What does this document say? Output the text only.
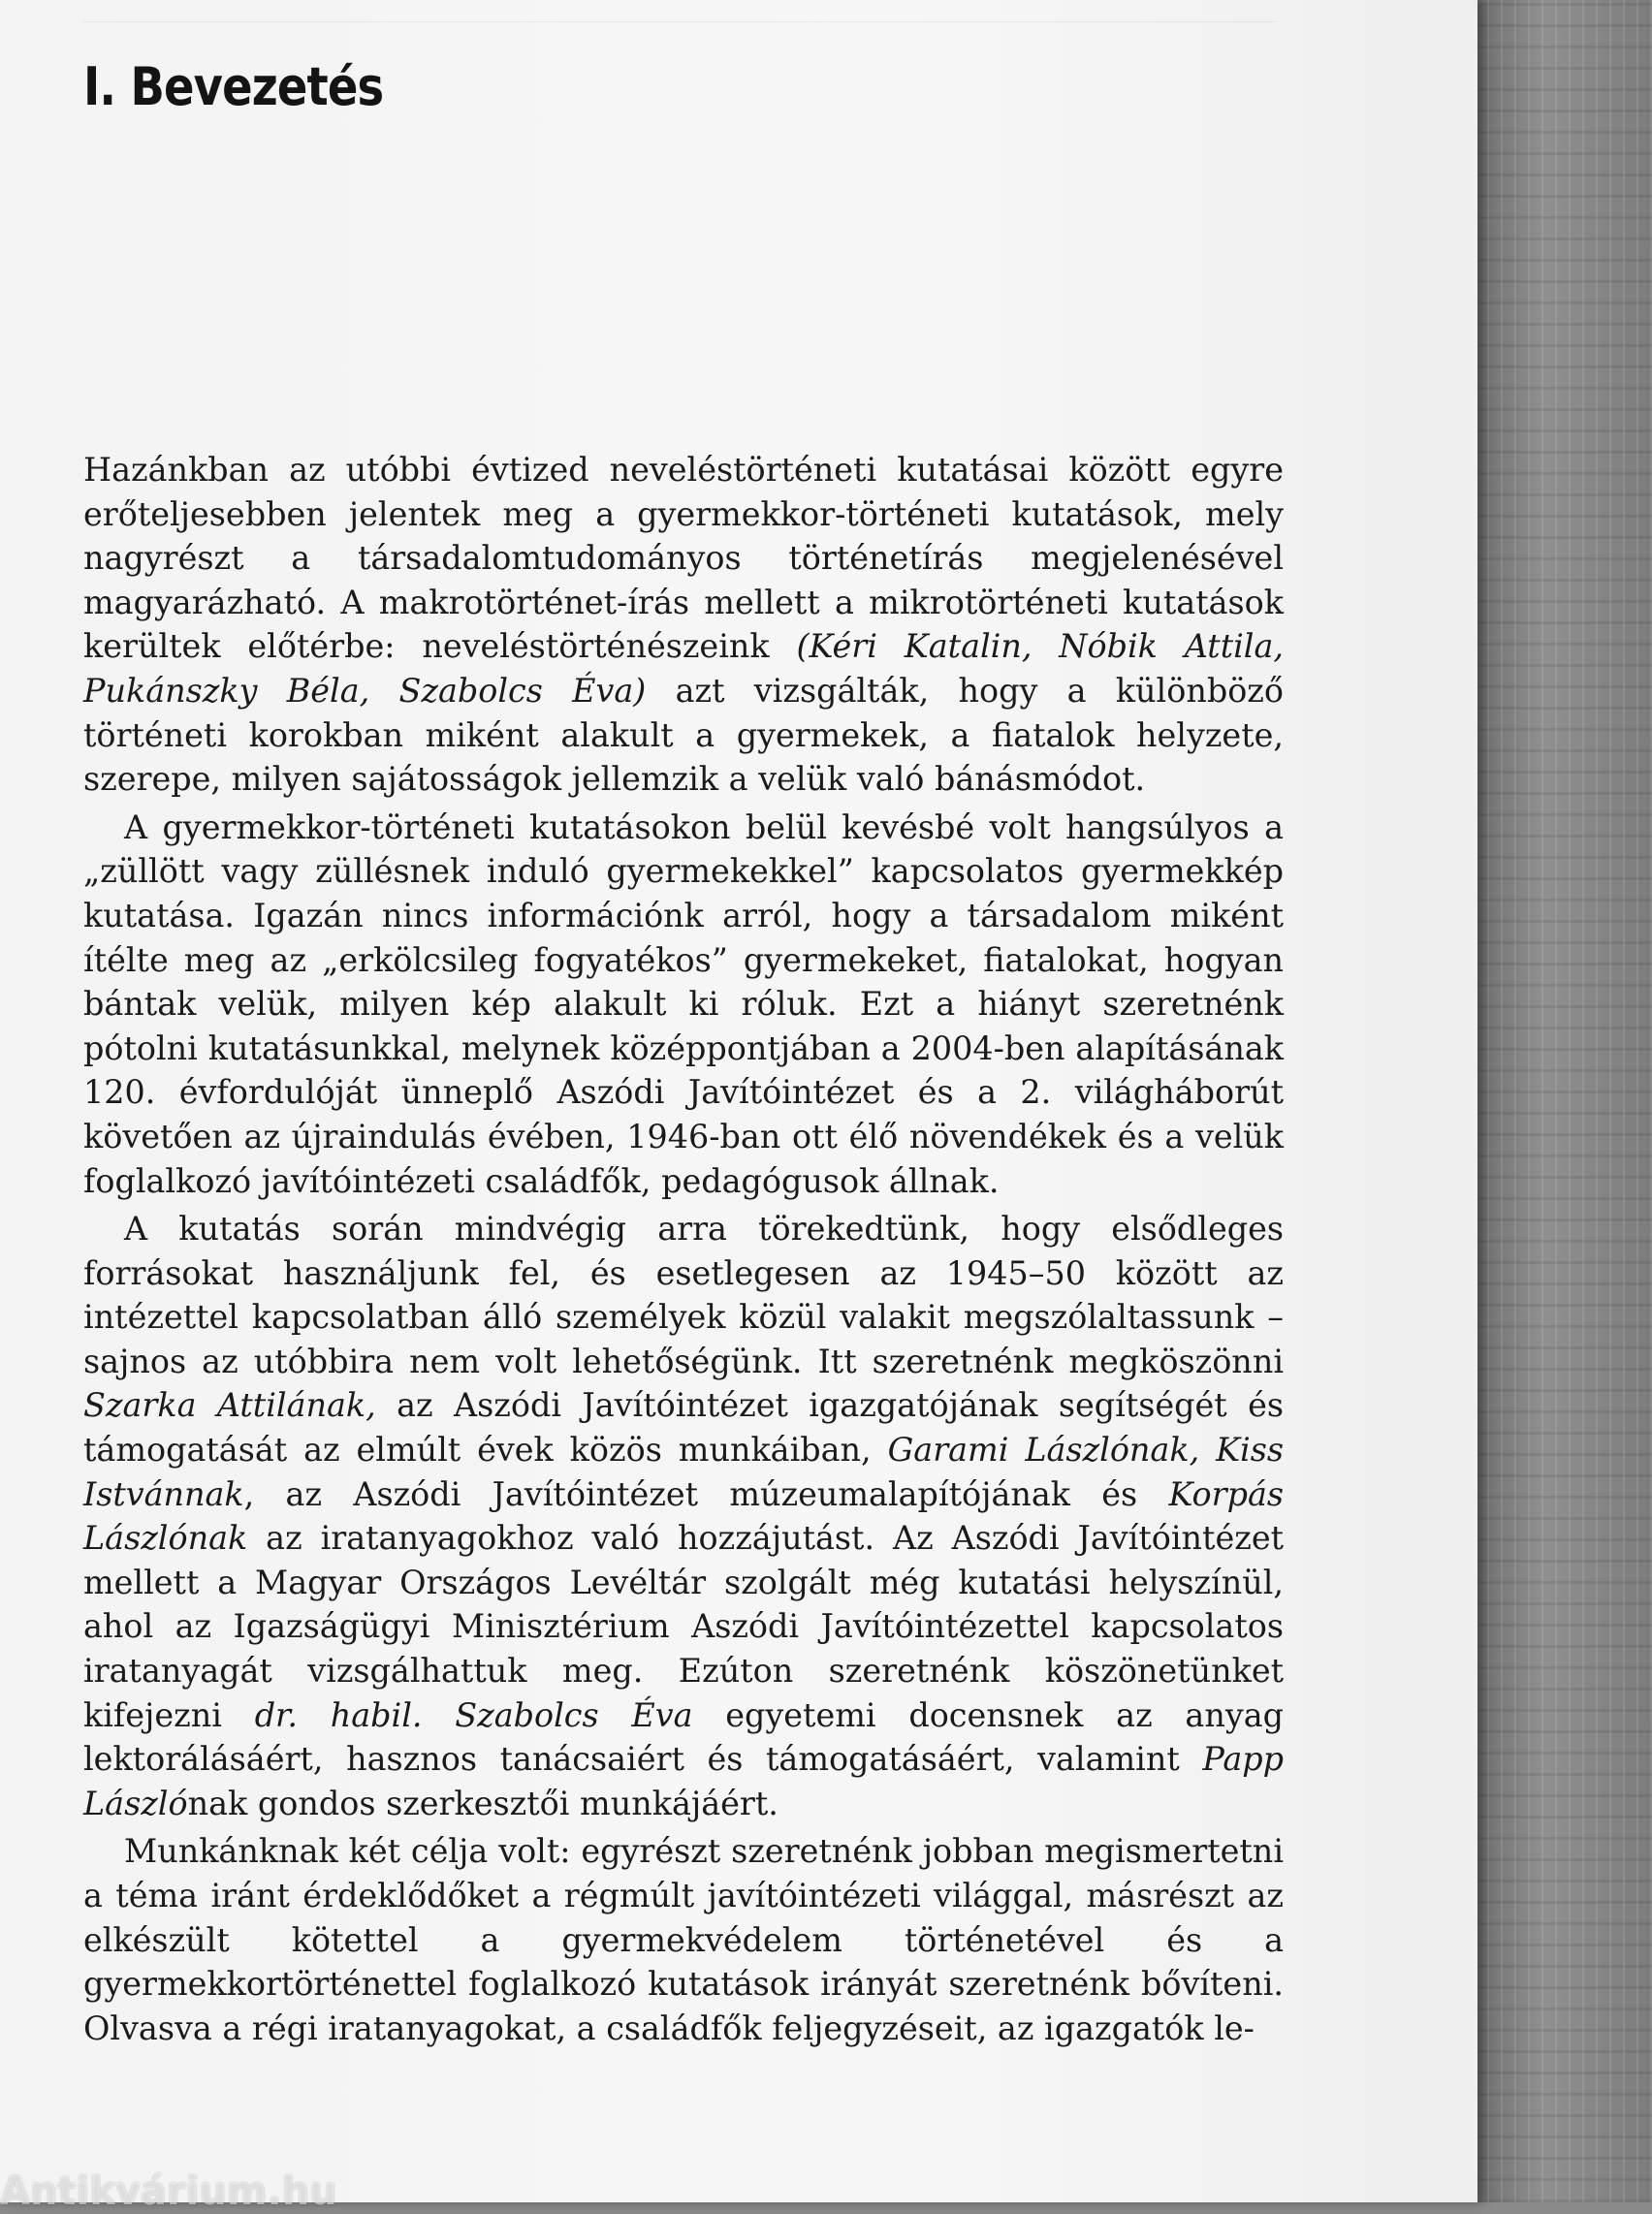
I. Bevezetés

Hazánkban az utóbbi évtized neveléstörténeti kutatásai között egyre erőteljesebben jelentek meg a gyermekkor-történeti kutatások, mely nagyrészt a társadalomtudományos történetírás megjelenésével magyarázható. A makrotörténet-írás mellett a mikrotörténeti kutatások kerültek előtérbe: neveléstörténészeink (Kéri Katalin, Nóbik Attila, Pukánszky Béla, Szabolcs Éva) azt vizsgálták, hogy a különböző történeti korokban miként alakult a gyermekek, a fiatalok helyzete, szerepe, milyen sajátosságok jellemzik a velük való bánásmódot.

A gyermekkor-történeti kutatásokon belül kevésbé volt hangsúlyos a „züllött vagy züllésnek induló gyermekekkel” kapcsolatos gyermekkép kutatása. Igazán nincs információnk arról, hogy a társadalom miként ítélte meg az „erkölcsileg fogyatékos” gyermekeket, fiatalokat, hogyan bántak velük, milyen kép alakult ki róluk. Ezt a hiányt szeretnénk pótolni kutatásunkkal, melynek középpontjában a 2004-ben alapításának 120. évfordulóját ünneplő Aszódi Javítóintézet és a 2. világháborút követően az újraindulás évében, 1946-ban ott élő növendékek és a velük foglalkozó javítóintézeti családfők, pedagógusok állnak.

A kutatás során mindvégig arra törekedtünk, hogy elsődleges forrásokat használjunk fel, és esetlegesen az 1945–50 között az intézettel kapcsolatban álló személyek közül valakit megszólaltassunk – sajnos az utóbbira nem volt lehetőségünk. Itt szeretnénk megköszönni Szarka Attilának, az Aszódi Javítóintézet igazgatójának segítségét és támogatását az elmúlt évek közös munkáiban, Garami Lászlónak, Kiss Istvánnak, az Aszódi Javítóintézet múzeumalapítójának és Korpás Lászlónak az iratanyagokhoz való hozzájutást. Az Aszódi Javítóintézet mellett a Magyar Országos Levéltár szolgált még kutatási helyszínül, ahol az Igazságügyi Minisztérium Aszódi Javítóintézettel kapcsolatos iratanyagát vizsgálhattuk meg. Ezúton szeretnénk köszönetünket kifejezni dr. habil. Szabolcs Éva egyetemi docensnek az anyag lektorálásáért, hasznos tanácsaiért és támogatásáért, valamint Papp Lászlónak gondos szerkesztői munkájáért.

Munkánknak két célja volt: egyrészt szeretnénk jobban megismertetni a téma iránt érdeklődőket a régmúlt javítóintézeti világgal, másrészt az elkészült kötettel a gyermekvédelem történetével és a gyermekkortörténettel foglalkozó kutatások irányát szeretnénk bővíteni. Olvasva a régi iratanyagokat, a családfők feljegyzéseit, az igazgatók le-

Antikvárium.hu
